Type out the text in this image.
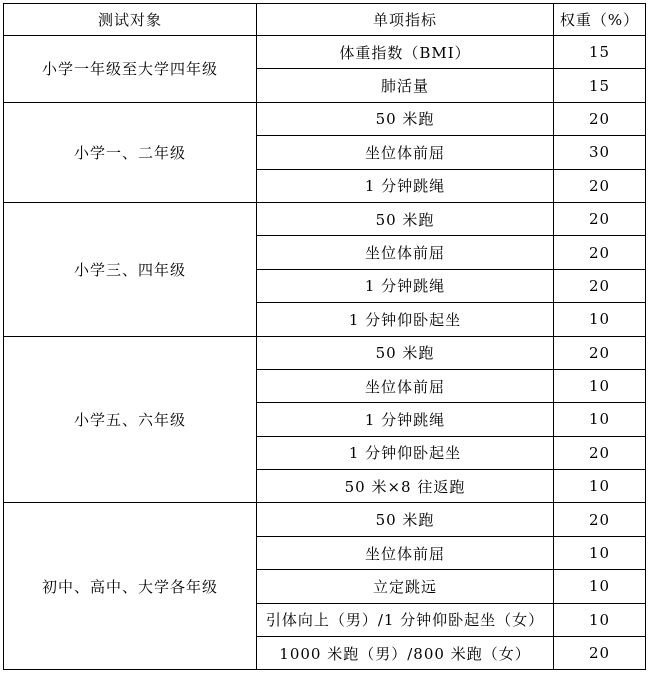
测试对象	单项指标	权重（%）
小学一年级至大学四年级	体重指数（BMI）	15
	肺活量	15
小学一、二年级	50 米跑	20
	坐位体前屈	30
	1 分钟跳绳	20
小学三、四年级	50 米跑	20
	坐位体前屈	20
	1 分钟跳绳	20
	1 分钟仰卧起坐	10
小学五、六年级	50 米跑	20
	坐位体前屈	10
	1 分钟跳绳	10
	1 分钟仰卧起坐	20
	50 米×8 往返跑	10
初中、高中、大学各年级	50 米跑	20
	坐位体前屈	10
	立定跳远	10
	引体向上（男）/1 分钟仰卧起坐（女）	10
	1000 米跑（男）/800 米跑（女）	20
